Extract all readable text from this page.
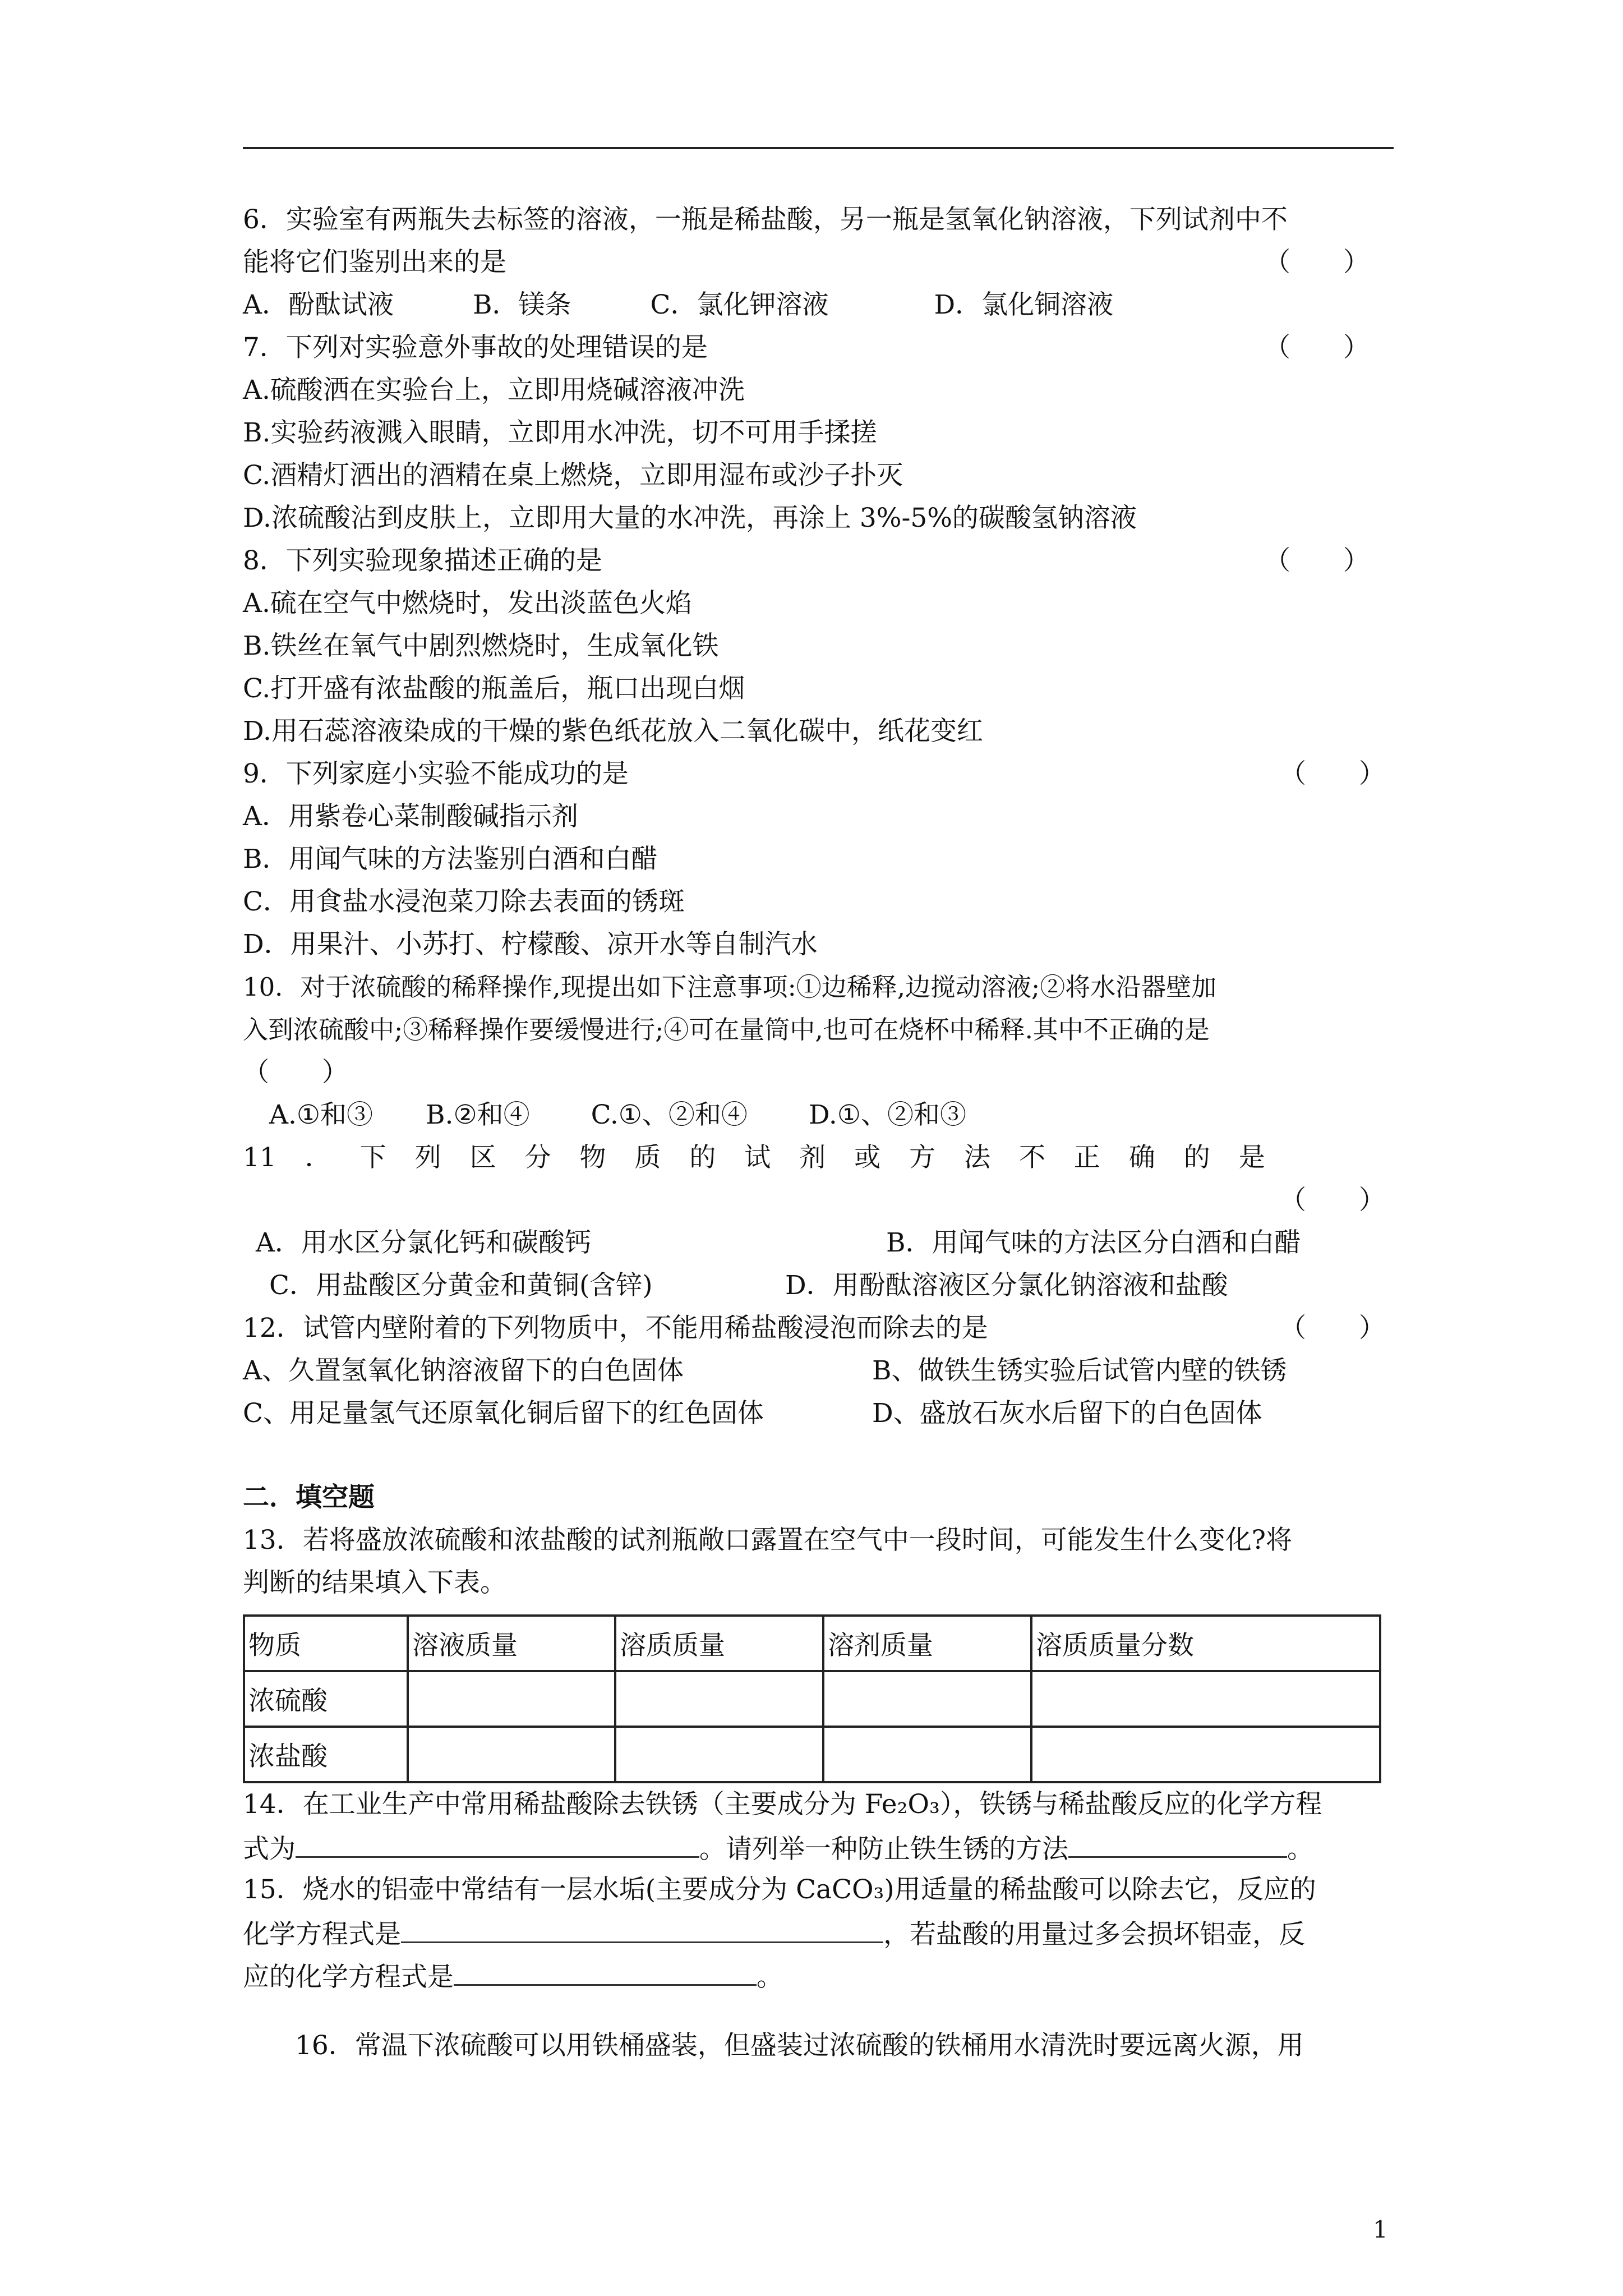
6．实验室有两瓶失去标签的溶液，一瓶是稀盐酸，另一瓶是氢氧化钠溶液，下列试剂中不
能将它们鉴别出来的是	（　　）
A．酚酞试液　　　B．镁条　　　C．氯化钾溶液　　　　D．氯化铜溶液
7．下列对实验意外事故的处理错误的是	（　　）
A.硫酸洒在实验台上，立即用烧碱溶液冲洗
B.实验药液溅入眼睛，立即用水冲洗，切不可用手揉搓
C.酒精灯洒出的酒精在桌上燃烧，立即用湿布或沙子扑灭
D.浓硫酸沾到皮肤上，立即用大量的水冲洗，再涂上 3%-5%的碳酸氢钠溶液
8．下列实验现象描述正确的是	（　　）
A.硫在空气中燃烧时，发出淡蓝色火焰
B.铁丝在氧气中剧烈燃烧时，生成氧化铁
C.打开盛有浓盐酸的瓶盖后，瓶口出现白烟
D.用石蕊溶液染成的干燥的紫色纸花放入二氧化碳中，纸花变红
9．下列家庭小实验不能成功的是	（　　）
A．用紫卷心菜制酸碱指示剂
B．用闻气味的方法鉴别白酒和白醋
C．用食盐水浸泡菜刀除去表面的锈斑
D．用果汁、小苏打、柠檬酸、凉开水等自制汽水
10．对于浓硫酸的稀释操作,现提出如下注意事项:①边稀释,边搅动溶液;②将水沿器壁加
入到浓硫酸中;③稀释操作要缓慢进行;④可在量筒中,也可在烧杯中稀释.其中不正确的是
（　　）
A.①和③　　B.②和④　　 C.①、②和④　　 D.①、②和③
11 ． 下 列 区 分 物 质 的 试 剂 或 方 法 不 正 确 的 是
（　　）
A．用水区分氯化钙和碳酸钙	B．用闻气味的方法区分白酒和白醋
C．用盐酸区分黄金和黄铜(含锌)	D．用酚酞溶液区分氯化钠溶液和盐酸
12．试管内壁附着的下列物质中，不能用稀盐酸浸泡而除去的是	（　　）
A、久置氢氧化钠溶液留下的白色固体	B、做铁生锈实验后试管内壁的铁锈
C、用足量氢气还原氧化铜后留下的红色固体	D、盛放石灰水后留下的白色固体
二．填空题
13．若将盛放浓硫酸和浓盐酸的试剂瓶敞口露置在空气中一段时间，可能发生什么变化?将
判断的结果填入下表。
物质	溶液质量	溶质质量	溶剂质量	溶质质量分数
浓硫酸				
浓盐酸				
14．在工业生产中常用稀盐酸除去铁锈（主要成分为 Fe₂O₃），铁锈与稀盐酸反应的化学方程
式为	。请列举一种防止铁生锈的方法	。
15．烧水的铝壶中常结有一层水垢(主要成分为 CaCO₃)用适量的稀盐酸可以除去它，反应的
化学方程式是	，若盐酸的用量过多会损坏铝壶，反
应的化学方程式是	。
16．常温下浓硫酸可以用铁桶盛装，但盛装过浓硫酸的铁桶用水清洗时要远离火源，用
1
